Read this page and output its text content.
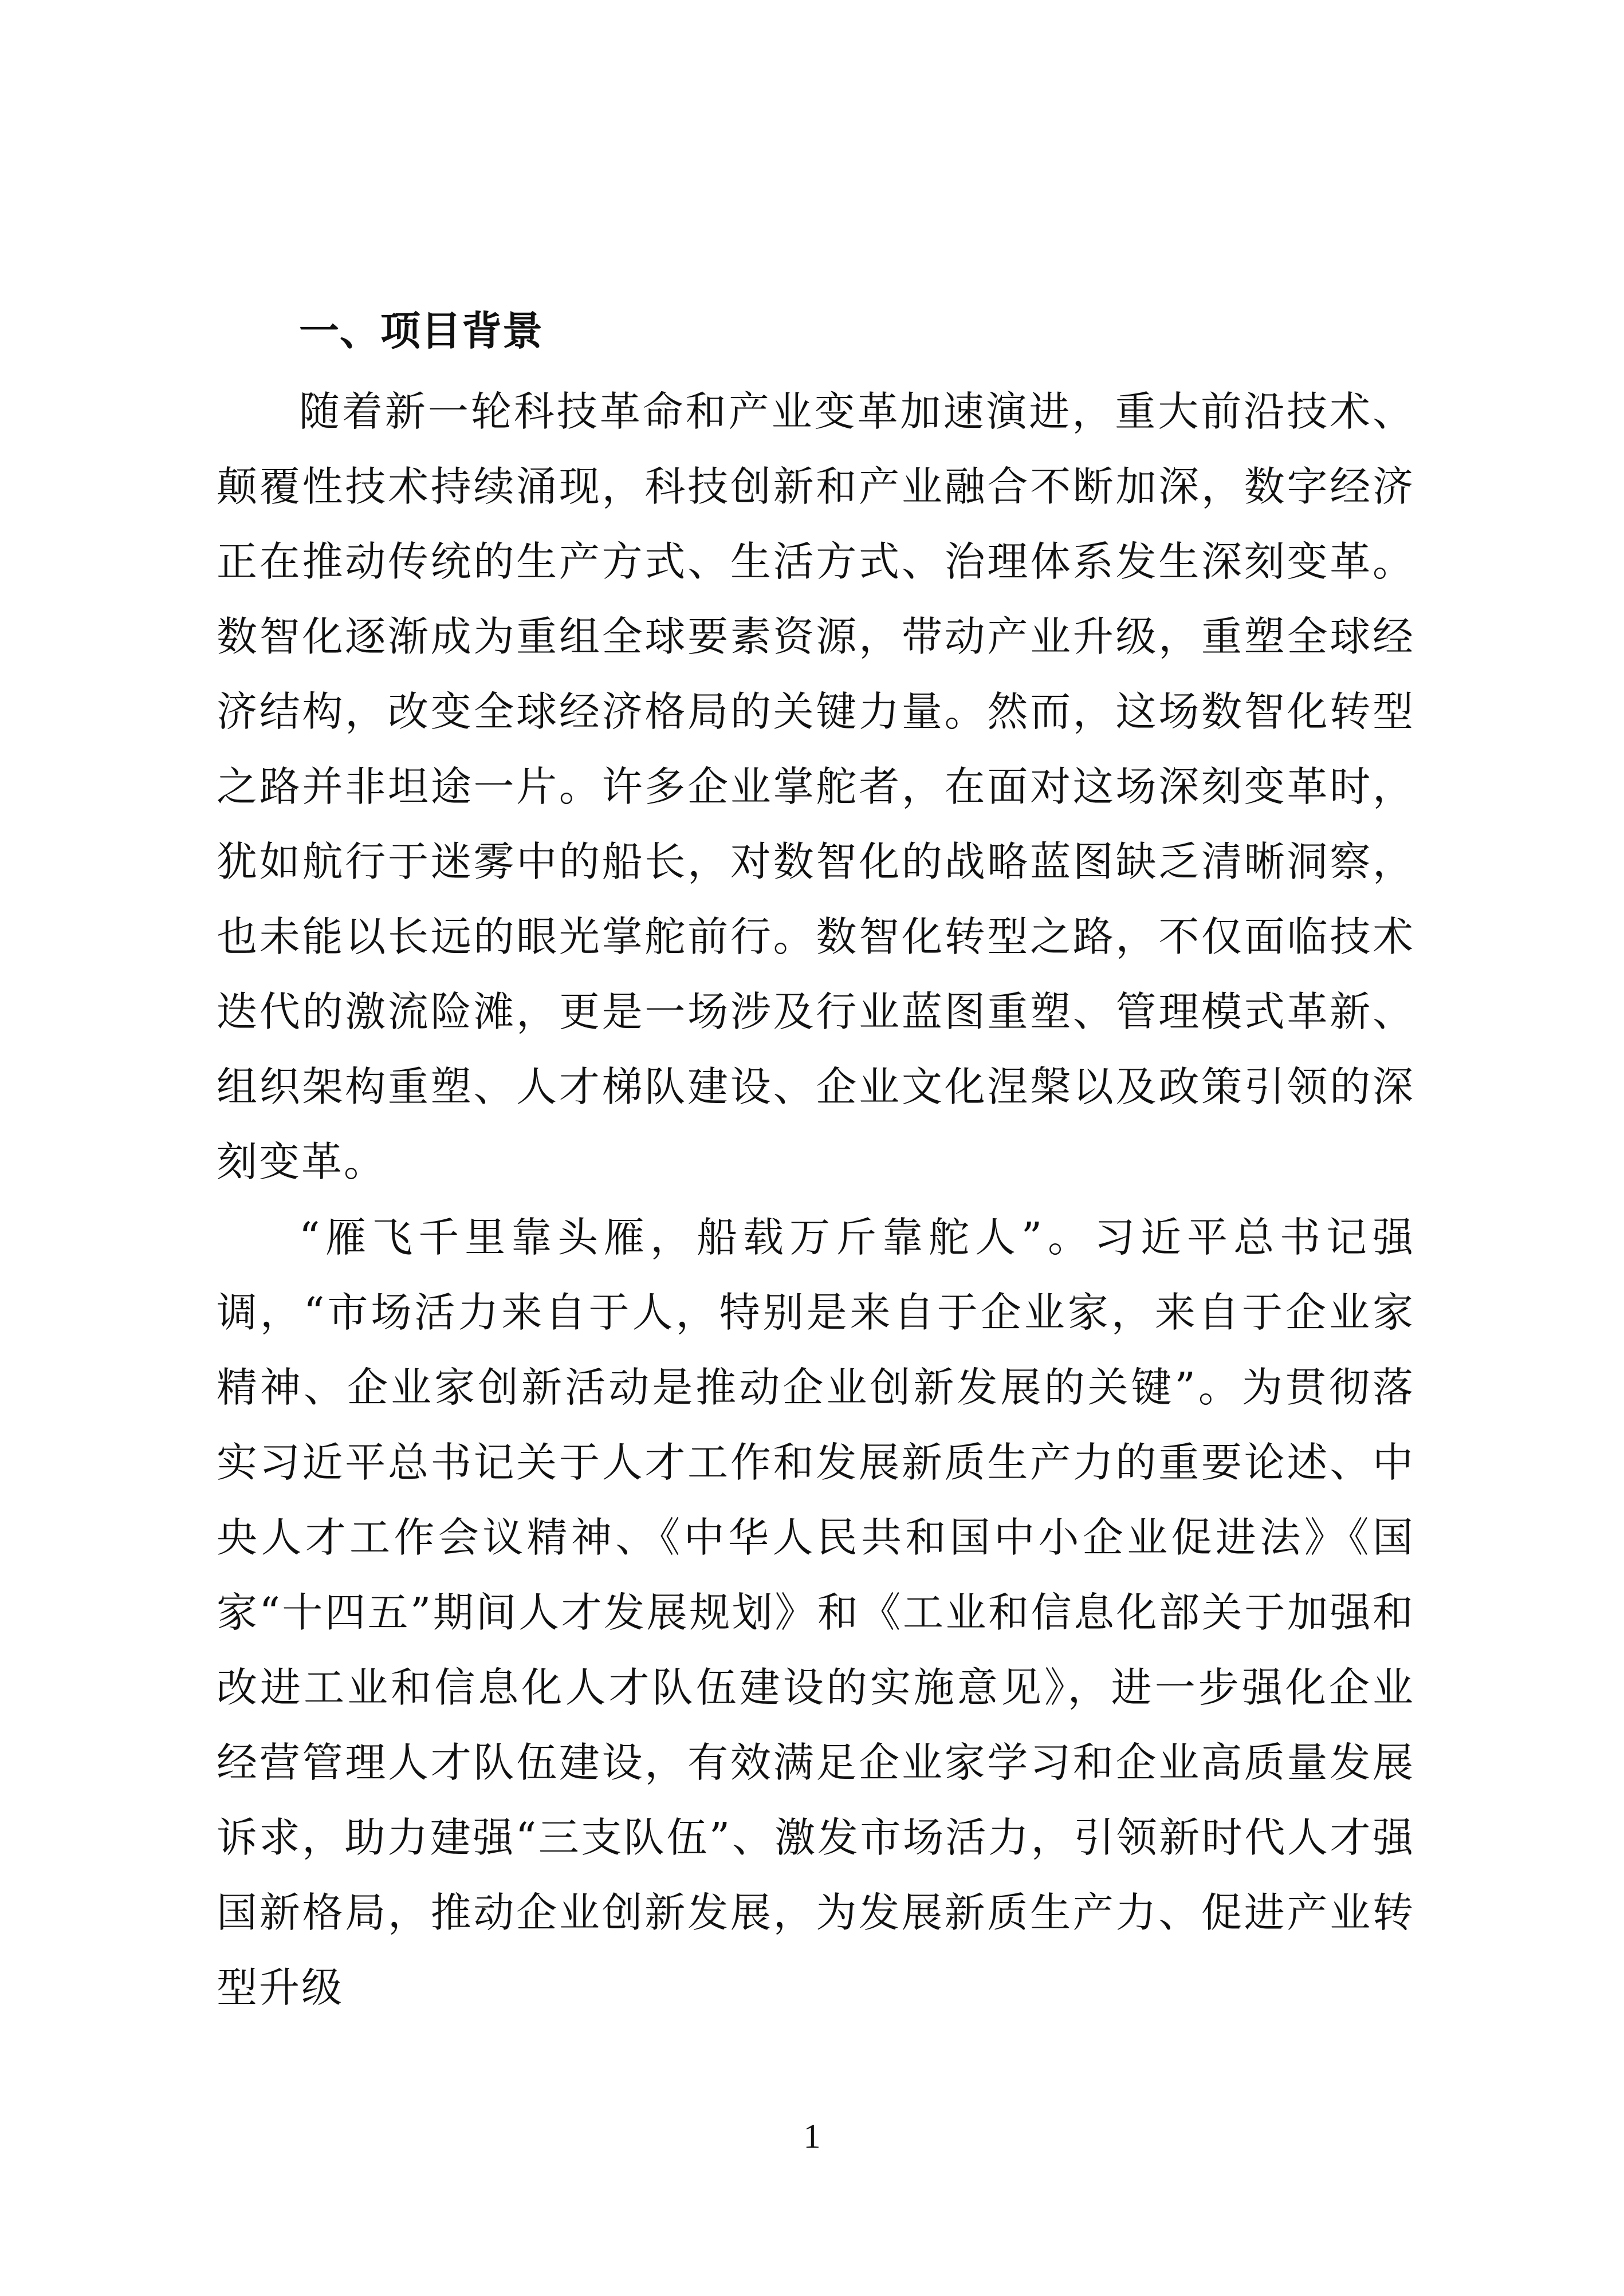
一、项目背景

随着新一轮科技革命和产业变革加速演进，重大前沿技术、颠覆性技术持续涌现，科技创新和产业融合不断加深，数字经济正在推动传统的生产方式、生活方式、治理体系发生深刻变革。数智化逐渐成为重组全球要素资源，带动产业升级，重塑全球经济结构，改变全球经济格局的关键力量。然而，这场数智化转型之路并非坦途一片。许多企业掌舵者，在面对这场深刻变革时，犹如航行于迷雾中的船长，对数智化的战略蓝图缺乏清晰洞察，也未能以长远的眼光掌舵前行。数智化转型之路，不仅面临技术迭代的激流险滩，更是一场涉及行业蓝图重塑、管理模式革新、组织架构重塑、人才梯队建设、企业文化涅槃以及政策引领的深刻变革。

“雁飞千里靠头雁，船载万斤靠舵人”。习近平总书记强调，“市场活力来自于人，特别是来自于企业家，来自于企业家精神、企业家创新活动是推动企业创新发展的关键”。为贯彻落实习近平总书记关于人才工作和发展新质生产力的重要论述、中央人才工作会议精神、《中华人民共和国中小企业促进法》《国家“十四五”期间人才发展规划》和《工业和信息化部关于加强和改进工业和信息化人才队伍建设的实施意见》，进一步强化企业经营管理人才队伍建设，有效满足企业家学习和企业高质量发展诉求，助力建强“三支队伍”、激发市场活力，引领新时代人才强国新格局，推动企业创新发展，为发展新质生产力、促进产业转型升级

1
